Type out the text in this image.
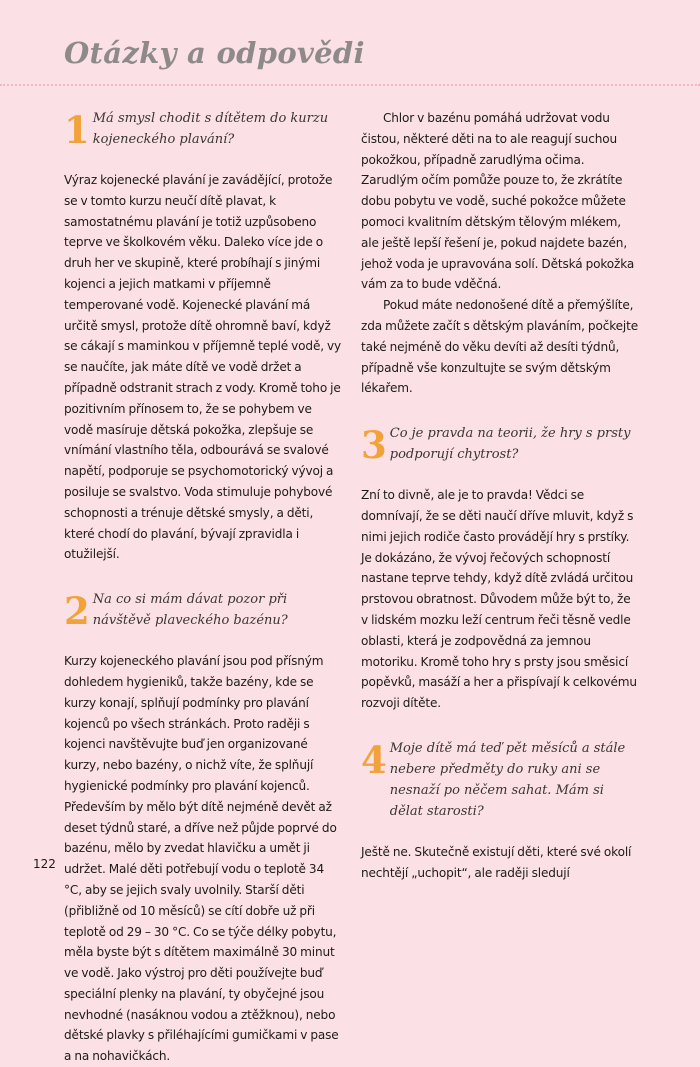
Otázky a odpovědi
1 Má smysl chodit s dítětem do kurzu kojeneckého plavání?

Výraz kojenecké plavání je zavádějící, protože se v tomto kurzu neučí dítě plavat, k samostatnému plavání je totiž uzpůsobeno teprve ve školkovém věku. Daleko více jde o druh her ve skupině, které probíhají s jinými kojenci a jejich matkami v příjemně temperované vodě. Kojenecké plavání má určitě smysl, protože dítě ohromně baví, když se cákají s maminkou v příjemně teplé vodě, vy se naučíte, jak máte dítě ve vodě držet a případně odstranit strach z vody. Kromě toho je pozitivním přínosem to, že se pohybem ve vodě masíruje dětská pokožka, zlepšuje se vnímání vlastního těla, odbourává se svalové napětí, podporuje se psychomotorický vývoj a posiluje se svalstvo. Voda stimuluje pohybové schopnosti a trénuje dětské smysly, a děti, které chodí do plavání, bývají zpravidla i otužilejší.

2 Na co si mám dávat pozor při návštěvě plaveckého bazénu?

Kurzy kojeneckého plavání jsou pod přísným dohledem hygieniků, takže bazény, kde se kurzy konají, splňují podmínky pro plavání kojenců po všech stránkách. Proto raději s kojenci navštěvujte buď jen organizované kurzy, nebo bazény, o nichž víte, že splňují hygienické podmínky pro plavání kojenců. Především by mělo být dítě nejméně devět až deset týdnů staré, a dříve než půjde poprvé do bazénu, mělo by zvedat hlavičku a umět ji udržet. Malé děti potřebují vodu o teplotě 34 °C, aby se jejich svaly uvolnily. Starší děti (přibližně od 10 měsíců) se cítí dobře už při teplotě od 29 – 30 °C. Co se týče délky pobytu, měla byste být s dítětem maximálně 30 minut ve vodě. Jako výstroj pro děti používejte buď speciální plenky na plavání, ty obyčejné jsou nevhodné (nasáknou vodou a ztěžknou), nebo dětské plavky s přiléhajícími gumičkami v pase a na nohavičkách.

Chlor v bazénu pomáhá udržovat vodu čistou, některé děti na to ale reagují suchou pokožkou, případně zarudlýma očima. Zarudlým očím pomůže pouze to, že zkrátíte dobu pobytu ve vodě, suché pokožce můžete pomoci kvalitním dětským tělovým mlékem, ale ještě lepší řešení je, pokud najdete bazén, jehož voda je upravována solí. Dětská pokožka vám za to bude vděčná.

Pokud máte nedonošené dítě a přemýšlíte, zda můžete začít s dětským plaváním, počkejte také nejméně do věku devíti až desíti týdnů, případně vše konzultujte se svým dětským lékařem.

3 Co je pravda na teorii, že hry s prsty podporují chytrost?

Zní to divně, ale je to pravda! Vědci se domnívají, že se děti naučí dříve mluvit, když s nimi jejich rodiče často provádějí hry s prstíky. Je dokázáno, že vývoj řečových schopností nastane teprve tehdy, když dítě zvládá určitou prstovou obratnost. Důvodem může být to, že v lidském mozku leží centrum řeči těsně vedle oblasti, která je zodpovědná za jemnou motoriku. Kromě toho hry s prsty jsou směsicí popěvků, masáží a her a přispívají k celkovému rozvoji dítěte.

4 Moje dítě má teď pět měsíců a stále nebere předměty do ruky ani se nesnaží po něčem sahat. Mám si dělat starosti?

Ještě ne. Skutečně existují děti, které své okolí nechtějí „uchopit“, ale raději sledují

122
